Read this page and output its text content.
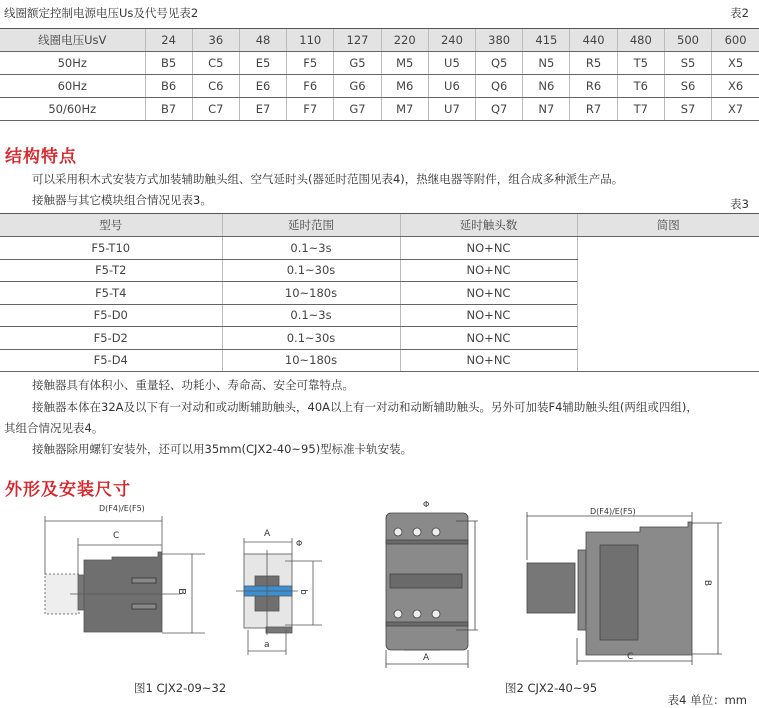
线圈额定控制电源电压Us及代号见表2	表2
线圈电压UsV	24	36	48	110	127	220	240	380	415	440	480	500	600
50Hz	B5	C5	E5	F5	G5	M5	U5	Q5	N5	R5	T5	S5	X5
60Hz	B6	C6	E6	F6	G6	M6	U6	Q6	N6	R6	T6	S6	X6
50/60Hz	B7	C7	E7	F7	G7	M7	U7	Q7	N7	R7	T7	S7	X7
结构特点
可以采用积木式安装方式加装辅助触头组、空气延时头(器延时范围见表4)，热继电器等附件，组合成多种派生产品。
接触器与其它模块组合情况见表3。	表3
型号	延时范围	延时触头数	简图
F5-T10	0.1~3s	NO+NC	
F5-T2	0.1~30s	NO+NC	
F5-T4	10~180s	NO+NC	
F5-D0	0.1~3s	NO+NC	
F5-D2	0.1~30s	NO+NC	
F5-D4	10~180s	NO+NC	
接触器具有体积小、重量轻、功耗小、寿命高、安全可靠特点。
接触器本体在32A及以下有一对动和或动断辅助触头，40A以上有一对动和动断辅助触头。另外可加装F4辅助触头组(两组或四组)，
其组合情况见表4。
接触器除用螺钉安装外，还可以用35mm(CJX2-40~95)型标准卡轨安装。
外形及安装尺寸
D(F4)/E(F5)
C
B
A
a
b
Φ
Φ
A
D(F4)/E(F5)
C
B
图1 CJX2-09~32	图2 CJX2-40~95
表4 单位：mm
